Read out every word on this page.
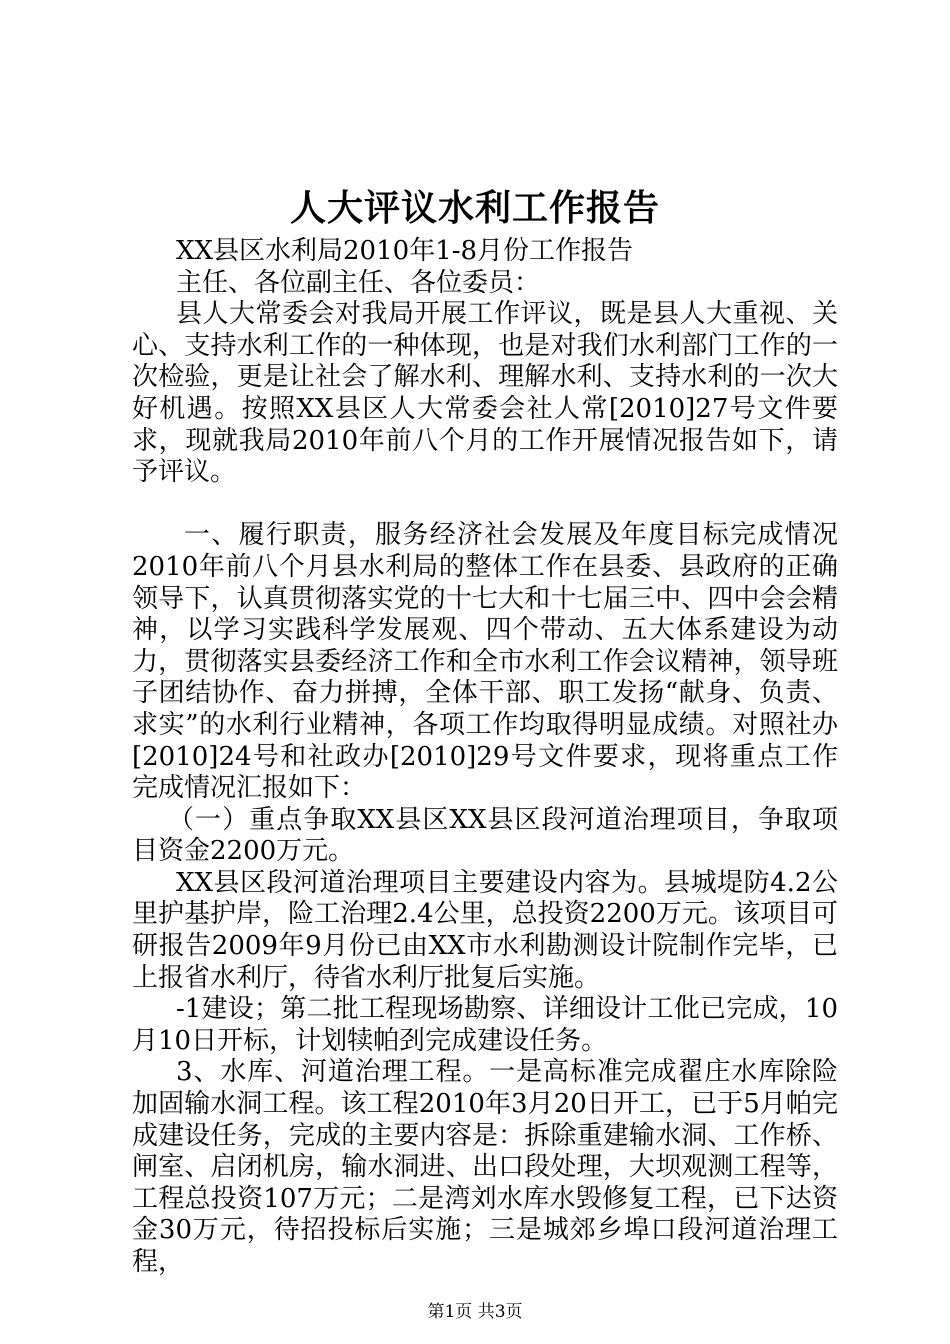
人大评议水利工作报告

XX县区水利局2010年1-8月份工作报告

主任、各位副主任、各位委员：

县人大常委会对我局开展工作评议，既是县人大重视、关心、支持水利工作的一种体现，也是对我们水利部门工作的一次检验，更是让社会了解水利、理解水利、支持水利的一次大好机遇。按照XX县区人大常委会社人常[2010]27号文件要求，现就我局2010年前八个月的工作开展情况报告如下，请予评议。

一、履行职责，服务经济社会发展及年度目标完成情况2010年前八个月县水利局的整体工作在县委、县政府的正确领导下，认真贯彻落实党的十七大和十七届三中、四中会会精神，以学习实践科学发展观、四个带动、五大体系建设为动力，贯彻落实县委经济工作和全市水利工作会议精神，领导班子团结协作、奋力拼搏，全体干部、职工发扬“献身、负责、求实”的水利行业精神，各项工作均取得明显成绩。对照社办[2010]24号和社政办[2010]29号文件要求，现将重点工作完成情况汇报如下：

（一）重点争取XX县区XX县区段河道治理项目，争取项目资金2200万元。

XX县区段河道治理项目主要建设内容为。县城堤防4.2公里护基护岸，险工治理2.4公里，总投资2200万元。该项目可研报告2009年9月份已由XX市水利勘测设计院制作完毕，已上报省水利厅，待省水利厅批复后实施。

-1建设；第二批工程现场勘察、详细设计工仳已完成，10月10日开标，计划犊帕刭完成建设任务。

3、水库、河道治理工程。一是高标准完成翟庄水库除险加固输水洞工程。该工程2010年3月20日开工，已于5月帕完成建设任务，完成的主要内容是：拆除重建输水洞、工作桥、闸室、启闭机房，输水洞进、出口段处理，大坝观测工程等，工程总投资107万元；二是湾刘水库水毁修复工程，已下达资金30万元，待招投标后实施；三是城郊乡埠口段河道治理工程，

第1页 共3页
